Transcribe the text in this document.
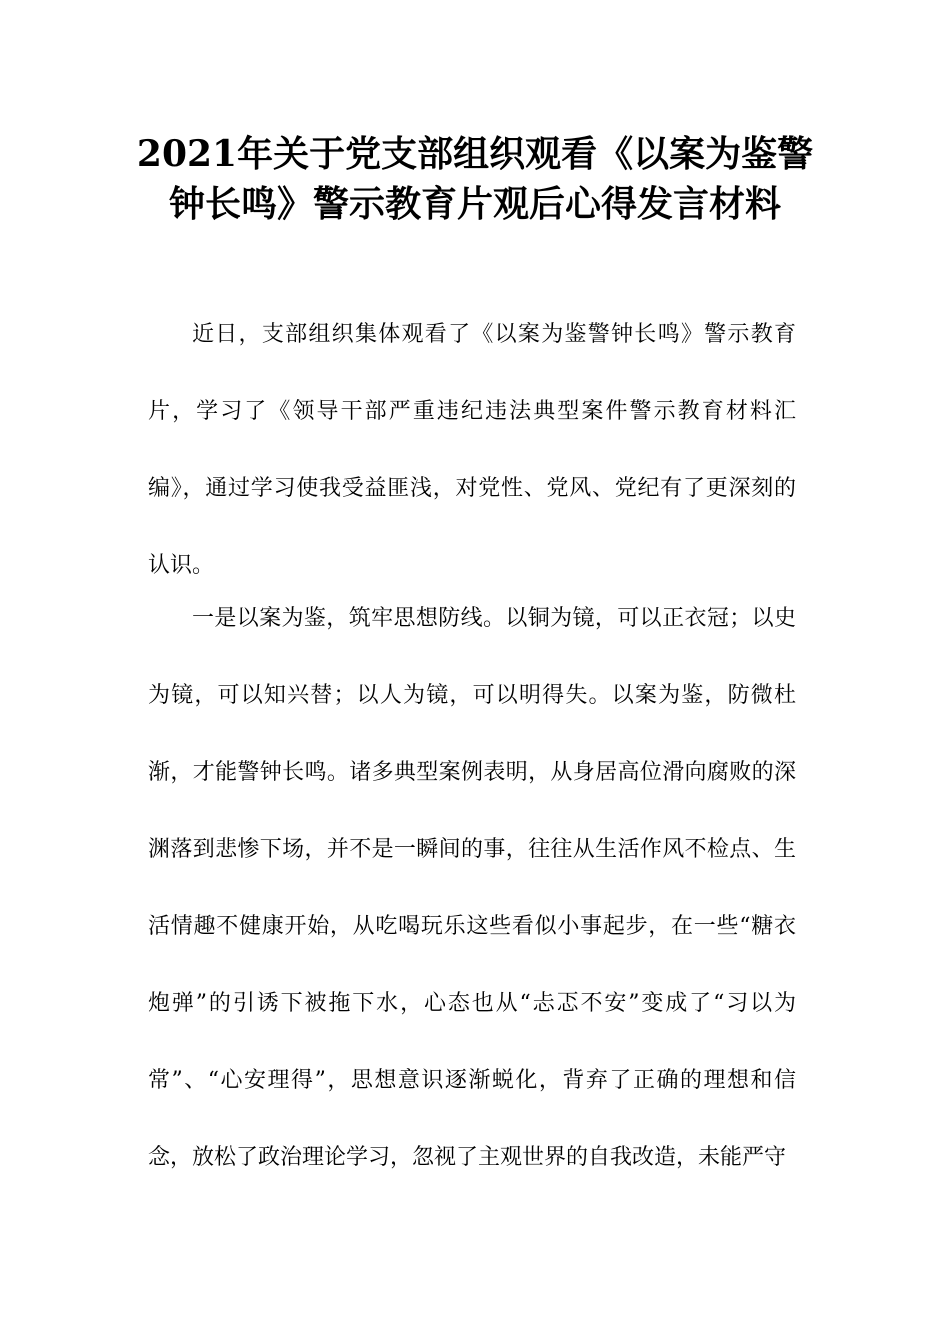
2021年关于党支部组织观看《以案为鉴警
钟长鸣》警示教育片观后心得发言材料

近日，支部组织集体观看了《以案为鉴警钟长鸣》警示教育片，学习了《领导干部严重违纪违法典型案件警示教育材料汇编》，通过学习使我受益匪浅，对党性、党风、党纪有了更深刻的认识。

一是以案为鉴，筑牢思想防线。以铜为镜，可以正衣冠；以史为镜，可以知兴替；以人为镜，可以明得失。以案为鉴，防微杜渐，才能警钟长鸣。诸多典型案例表明，从身居高位滑向腐败的深渊落到悲惨下场，并不是一瞬间的事，往往从生活作风不检点、生活情趣不健康开始，从吃喝玩乐这些看似小事起步，在一些“糖衣炮弹”的引诱下被拖下水，心态也从“忐忑不安”变成了“习以为常”、“心安理得”，思想意识逐渐蜕化，背弃了正确的理想和信念，放松了政治理论学习，忽视了主观世界的自我改造，未能严守
